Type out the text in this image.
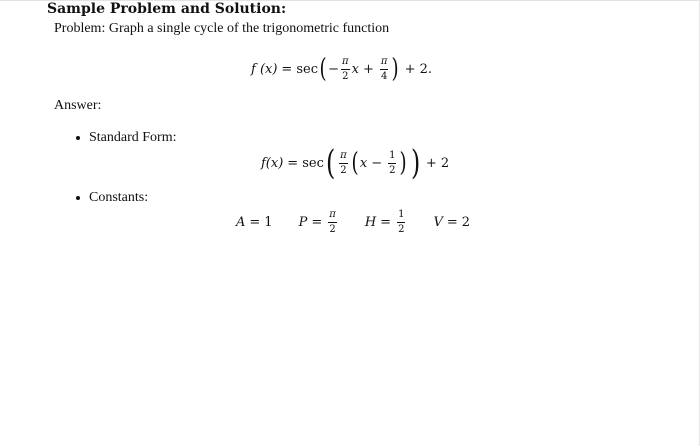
Sample Problem and Solution:
Problem: Graph a single cycle of the trigonometric function
f (x) = sec ( − $\frac{\pi}{2}$ $x + \frac{\pi}{4}$ ) + 2.
Answer:
Standard Form:
f(x) = sec ( $\frac{\pi}{2}$ ( $x - \frac{1}{2}$ ) ) + 2
Constants:
A = 1 $P = \frac{\pi}{2}$ $H = \frac{1}{2}$ V = 2
